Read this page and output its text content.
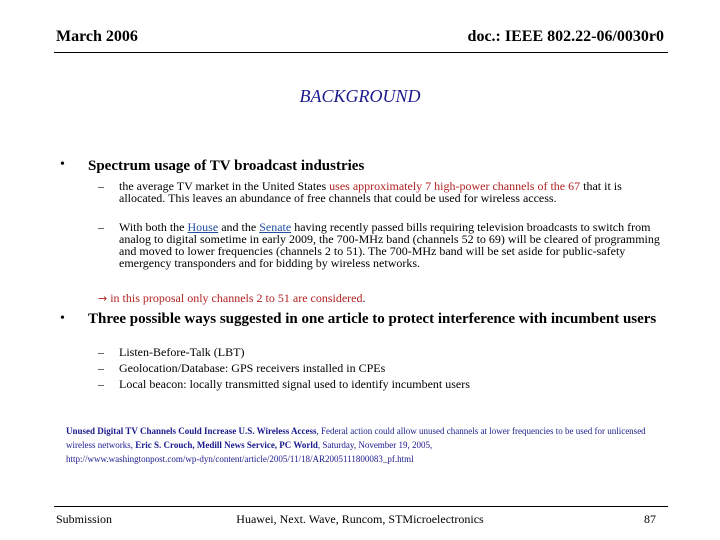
March 2006	doc.: IEEE 802.22-06/0030r0
BACKGROUND
• Spectrum usage of TV broadcast industries
– the average TV market in the United States uses approximately 7 high-power channels of the 67 that it is allocated. This leaves an abundance of free channels that could be used for wireless access.
– With both the House and the Senate having recently passed bills requiring television broadcasts to switch from analog to digital sometime in early 2009, the 700-MHz band (channels 52 to 69) will be cleared of programming and moved to lower frequencies (channels 2 to 51). The 700-MHz band will be set aside for public-safety emergency transponders and for bidding by wireless networks.
→ in this proposal only channels 2 to 51 are considered.
• Three possible ways suggested in one article to protect interference with incumbent users
– Listen-Before-Talk (LBT)
– Geolocation/Database: GPS receivers installed in CPEs
– Local beacon: locally transmitted signal used to identify incumbent users
Unused Digital TV Channels Could Increase U.S. Wireless Access, Federal action could allow unused channels at lower frequencies to be used for unlicensed wireless networks, Eric S. Crouch, Medill News Service, PC World, Saturday, November 19, 2005,
http://www.washingtonpost.com/wp-dyn/content/article/2005/11/18/AR2005111800083_pf.html
Submission	Huawei, Next. Wave, Runcom, STMicroelectronics	87
